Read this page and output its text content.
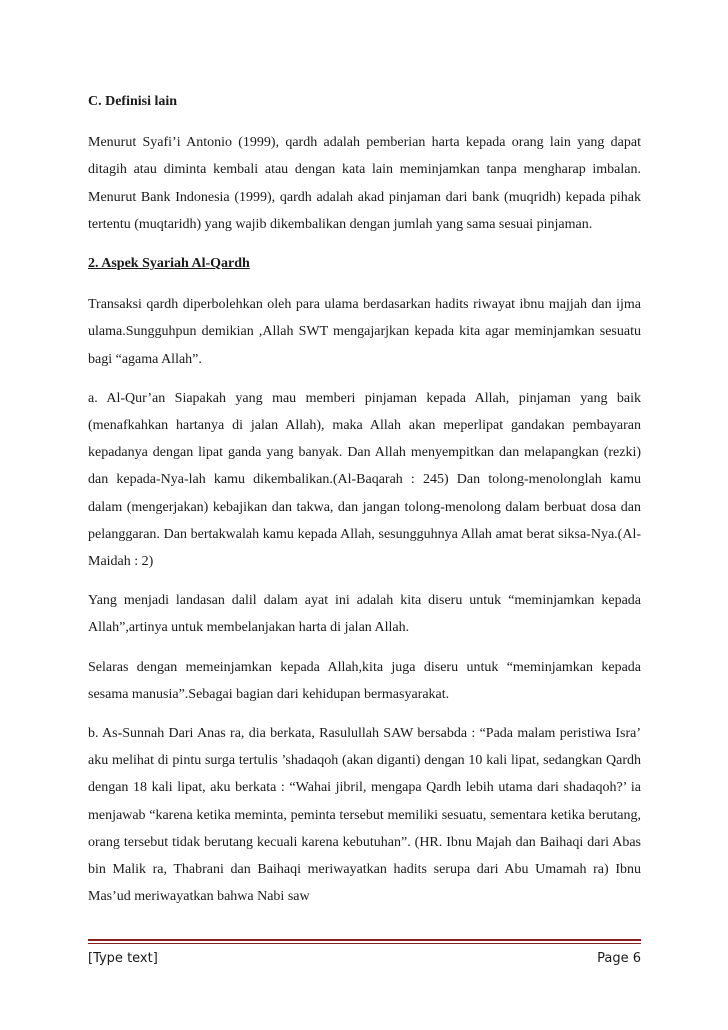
C. Definisi lain

Menurut Syafi’i Antonio (1999), qardh adalah pemberian harta kepada orang lain yang dapat ditagih atau diminta kembali atau dengan kata lain meminjamkan tanpa mengharap imbalan. Menurut Bank Indonesia (1999), qardh adalah akad pinjaman dari bank (muqridh) kepada pihak tertentu (muqtaridh) yang wajib dikembalikan dengan jumlah yang sama sesuai pinjaman.

2. Aspek Syariah Al-Qardh

Transaksi qardh diperbolehkan oleh para ulama berdasarkan hadits riwayat ibnu majjah dan ijma ulama.Sungguhpun demikian ,Allah SWT mengajarjkan kepada kita agar meminjamkan sesuatu bagi “agama Allah”.

a. Al-Qur’an Siapakah yang mau memberi pinjaman kepada Allah, pinjaman yang baik (menafkahkan hartanya di jalan Allah), maka Allah akan meperlipat gandakan pembayaran kepadanya dengan lipat ganda yang banyak. Dan Allah menyempitkan dan melapangkan (rezki) dan kepada-Nya-lah kamu dikembalikan.(Al-Baqarah : 245) Dan tolong-menolonglah kamu dalam (mengerjakan) kebajikan dan takwa, dan jangan tolong-menolong dalam berbuat dosa dan pelanggaran. Dan bertakwalah kamu kepada Allah, sesungguhnya Allah amat berat siksa-Nya.(Al-Maidah : 2)

Yang menjadi landasan dalil dalam ayat ini adalah kita diseru untuk “meminjamkan kepada Allah”,artinya untuk membelanjakan harta di jalan Allah.

Selaras dengan memeinjamkan kepada Allah,kita juga diseru untuk “meminjamkan kepada sesama manusia”.Sebagai bagian dari kehidupan bermasyarakat.

b. As-Sunnah Dari Anas ra, dia berkata, Rasulullah SAW bersabda : “Pada malam peristiwa Isra’ aku melihat di pintu surga tertulis ’shadaqoh (akan diganti) dengan 10 kali lipat, sedangkan Qardh dengan 18 kali lipat, aku berkata : “Wahai jibril, mengapa Qardh lebih utama dari shadaqoh?’ ia menjawab “karena ketika meminta, peminta tersebut memiliki sesuatu, sementara ketika berutang, orang tersebut tidak berutang kecuali karena kebutuhan”. (HR. Ibnu Majah dan Baihaqi dari Abas bin Malik ra, Thabrani dan Baihaqi meriwayatkan hadits serupa dari Abu Umamah ra) Ibnu Mas’ud meriwayatkan bahwa Nabi saw

[Type text]	Page 6
